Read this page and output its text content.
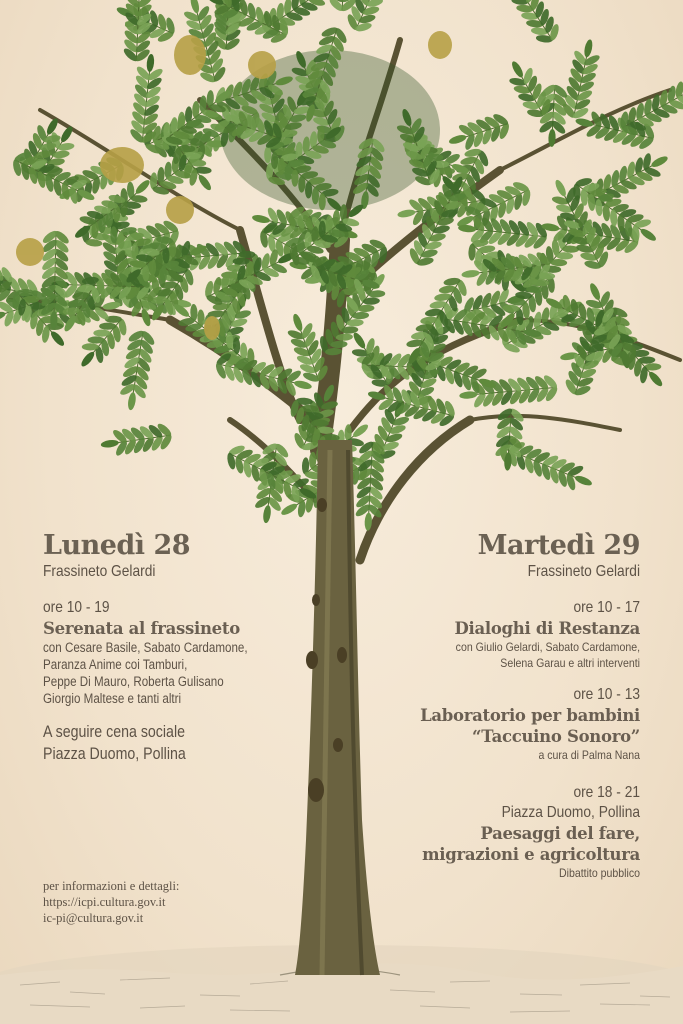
Lunedì 28
Frassineto Gelardi
ore 10 - 19
Serenata al frassineto
con Cesare Basile, Sabato Cardamone,
Paranza Anime coi Tamburi,
Peppe Di Mauro, Roberta Gulisano
Giorgio Maltese e tanti altri
A seguire cena sociale
Piazza Duomo, Pollina
Martedì 29
Frassineto Gelardi
ore 10 - 17
Dialoghi di Restanza
con Giulio Gelardi, Sabato Cardamone,
Selena Garau e altri interventi
ore 10 - 13
Laboratorio per bambini
“Taccuino Sonoro”
a cura di Palma Nana
ore 18 - 21
Piazza Duomo, Pollina
Paesaggi del fare,
migrazioni e agricoltura
Dibattito pubblico
per informazioni e dettagli:
https://icpi.cultura.gov.it
ic-pi@cultura.gov.it
